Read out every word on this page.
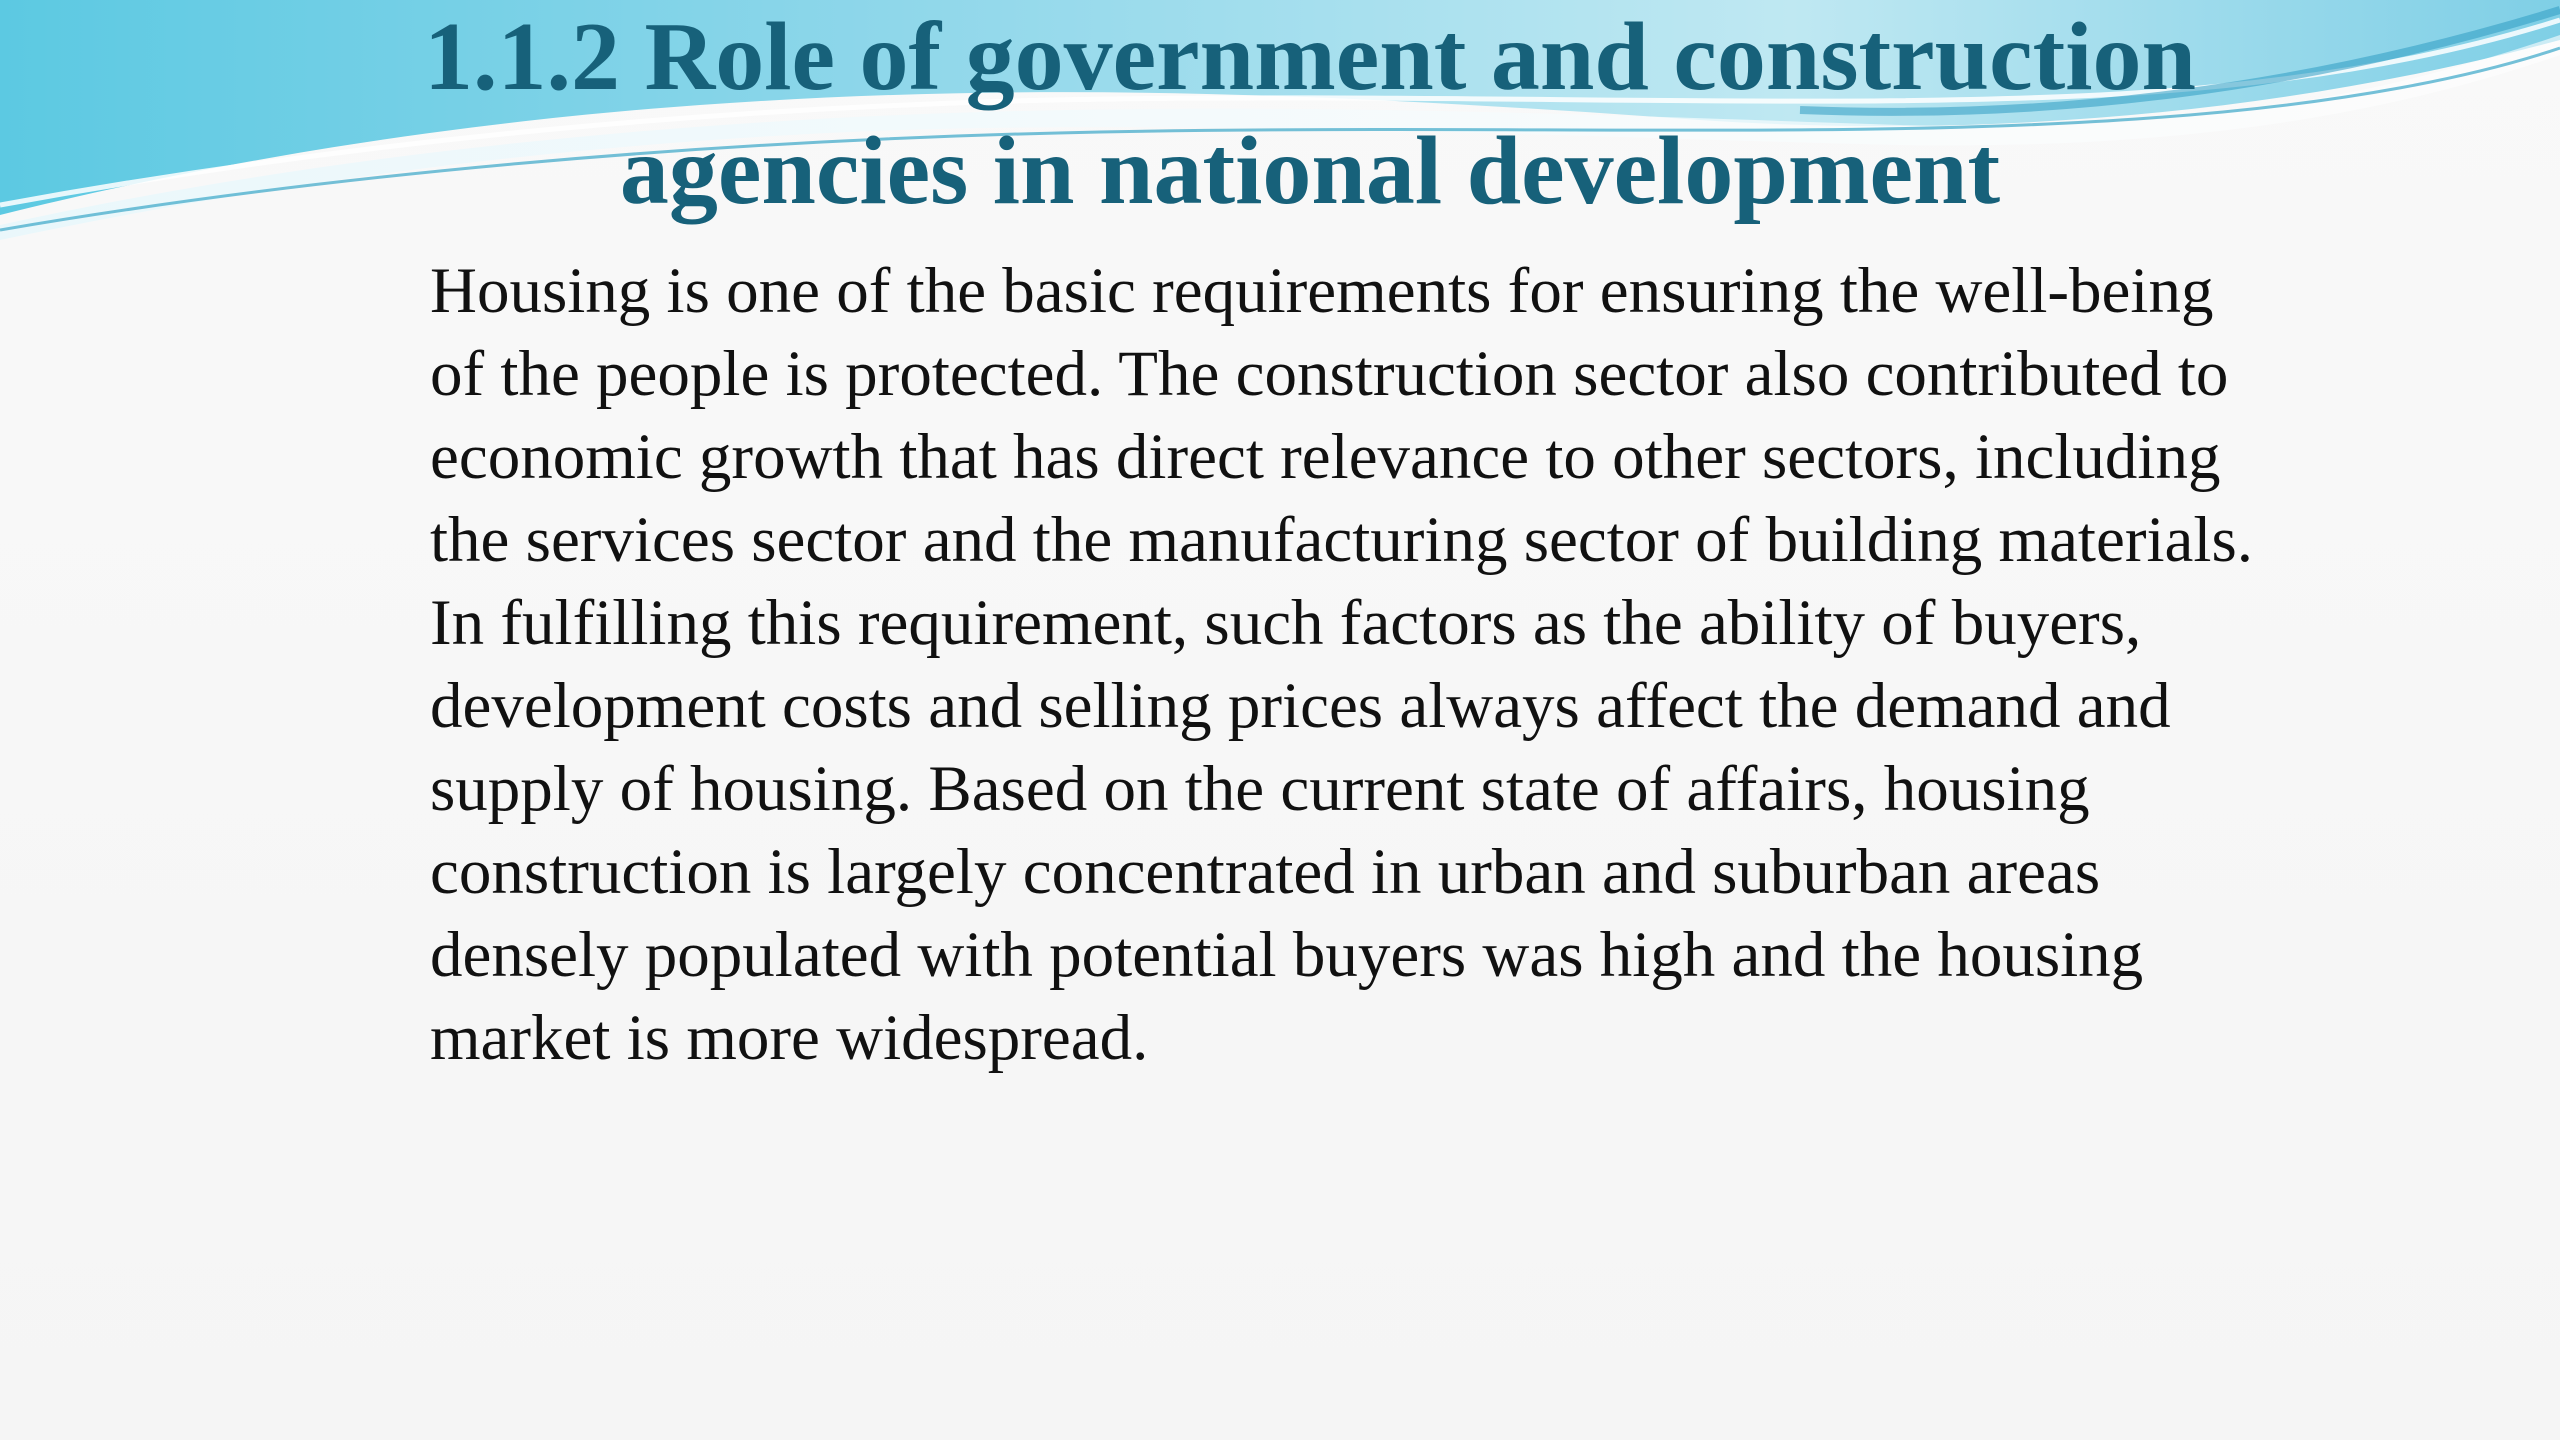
1.1.2 Role of government and construction
agencies in national development
Housing is one of the basic requirements for ensuring the well-being
of the people is protected. The construction sector also contributed to
economic growth that has direct relevance to other sectors, including
the services sector and the manufacturing sector of building materials.
In fulfilling this requirement, such factors as the ability of buyers,
development costs and selling prices always affect the demand and
supply of housing. Based on the current state of affairs, housing
construction is largely concentrated in urban and suburban areas
densely populated with potential buyers was high and the housing
market is more widespread.
